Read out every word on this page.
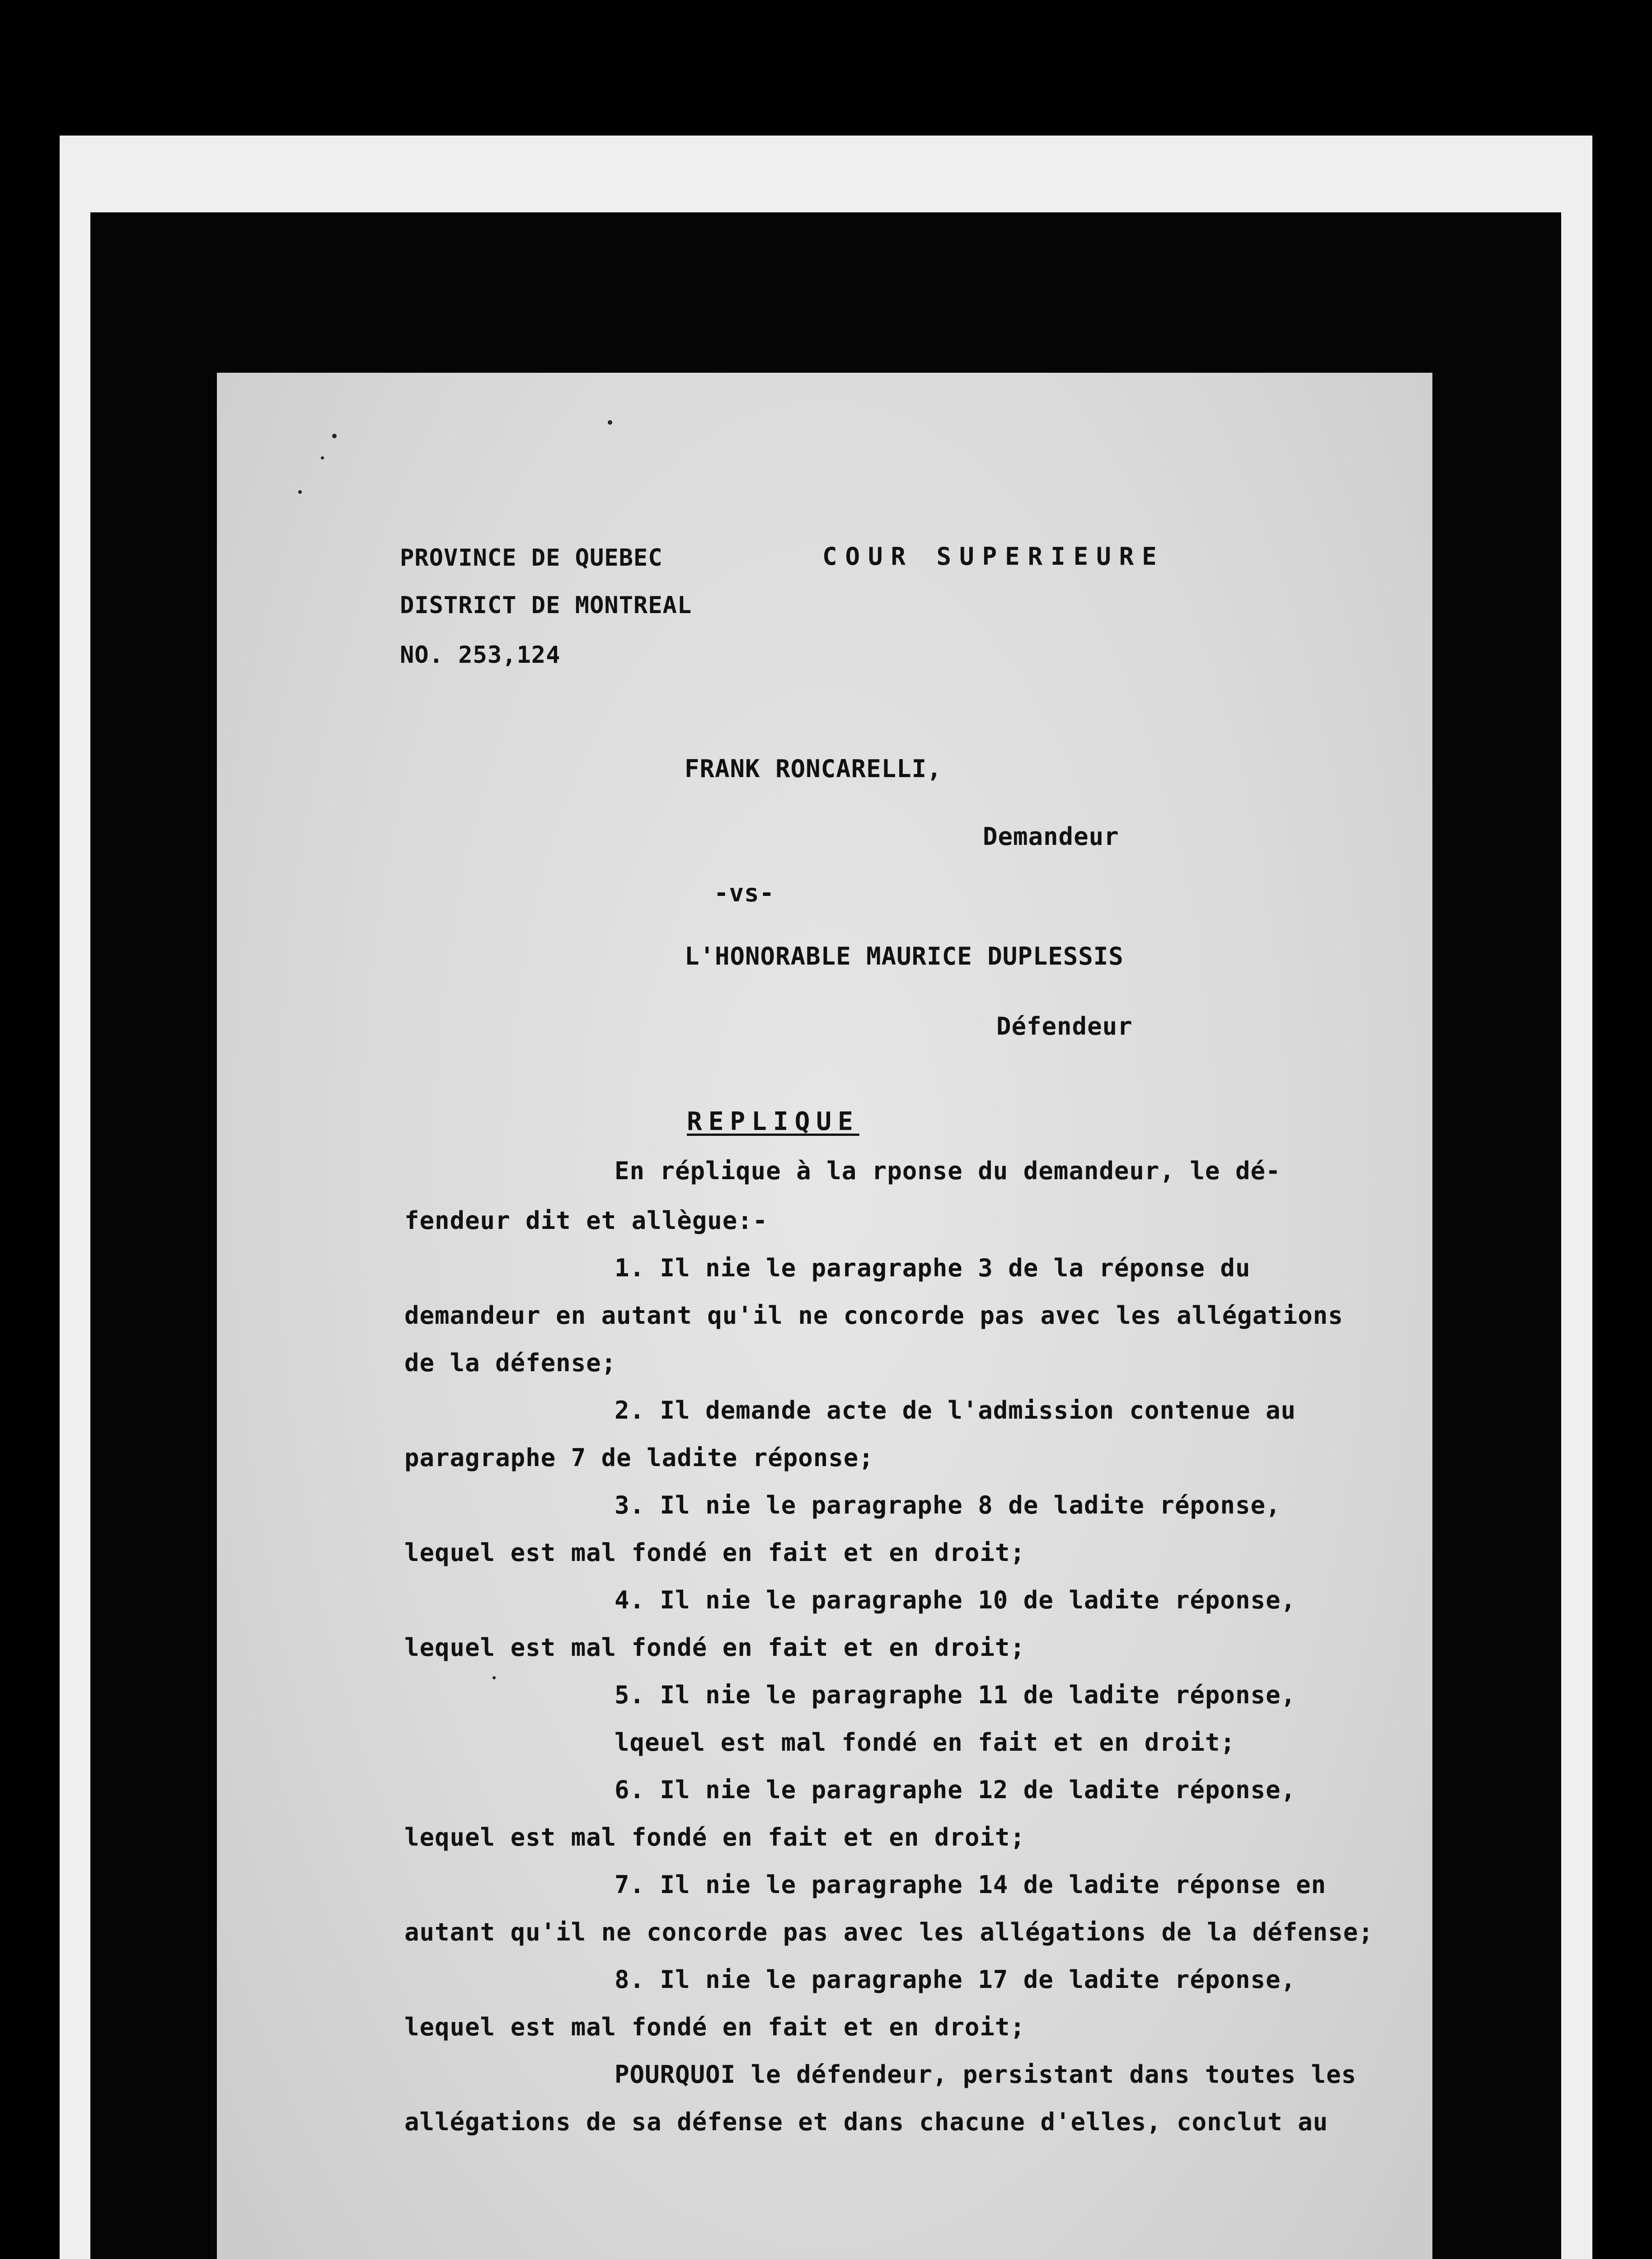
PROVINCE DE QUEBEC
DISTRICT DE MONTREAL
NO. 253,124
COUR SUPERIEURE
FRANK RONCARELLI,
Demandeur
-vs-
L'HONORABLE MAURICE DUPLESSIS
Défendeur
REPLIQUE
En réplique à la rponse du demandeur, le dé-
fendeur dit et allègue:-
1. Il nie le paragraphe 3 de la réponse du
demandeur en autant qu'il ne concorde pas avec les allégations
de la défense;
2. Il demande acte de l'admission contenue au
paragraphe 7 de ladite réponse;
3. Il nie le paragraphe 8 de ladite réponse,
lequel est mal fondé en fait et en droit;
4. Il nie le paragraphe 10 de ladite réponse,
lequel est mal fondé en fait et en droit;
5. Il nie le paragraphe 11 de ladite réponse,
lqeuel est mal fondé en fait et en droit;
6. Il nie le paragraphe 12 de ladite réponse,
lequel est mal fondé en fait et en droit;
7. Il nie le paragraphe 14 de ladite réponse en
autant qu'il ne concorde pas avec les allégations de la défense;
8. Il nie le paragraphe 17 de ladite réponse,
lequel est mal fondé en fait et en droit;
POURQUOI le défendeur, persistant dans toutes les
allégations de sa défense et dans chacune d'elles, conclut au
